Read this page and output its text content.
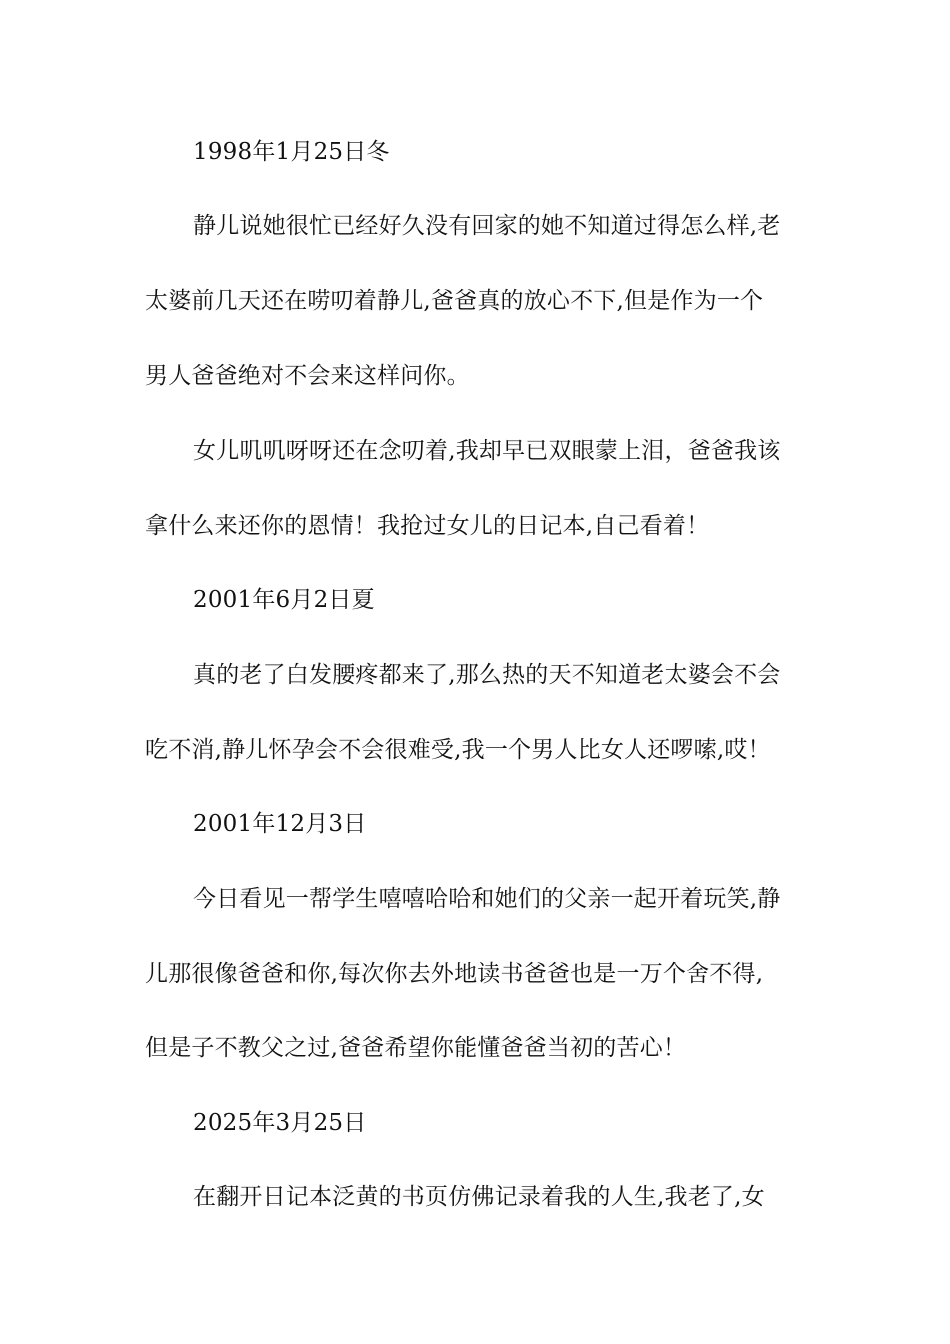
1998年1月25日冬
静儿说她很忙已经好久没有回家的她不知道过得怎么样,老
太婆前几天还在唠叨着静儿,爸爸真的放心不下,但是作为一个
男人爸爸绝对不会来这样问你。
女儿叽叽呀呀还在念叨着,我却早已双眼蒙上泪，爸爸我该
拿什么来还你的恩情！我抢过女儿的日记本,自己看着！
2001年6月2日夏
真的老了白发腰疼都来了,那么热的天不知道老太婆会不会
吃不消,静儿怀孕会不会很难受,我一个男人比女人还啰嗦,哎！
2001年12月3日
今日看见一帮学生嘻嘻哈哈和她们的父亲一起开着玩笑,静
儿那很像爸爸和你,每次你去外地读书爸爸也是一万个舍不得,
但是子不教父之过,爸爸希望你能懂爸爸当初的苦心！
2025年3月25日
在翻开日记本泛黄的书页仿佛记录着我的人生,我老了,女
